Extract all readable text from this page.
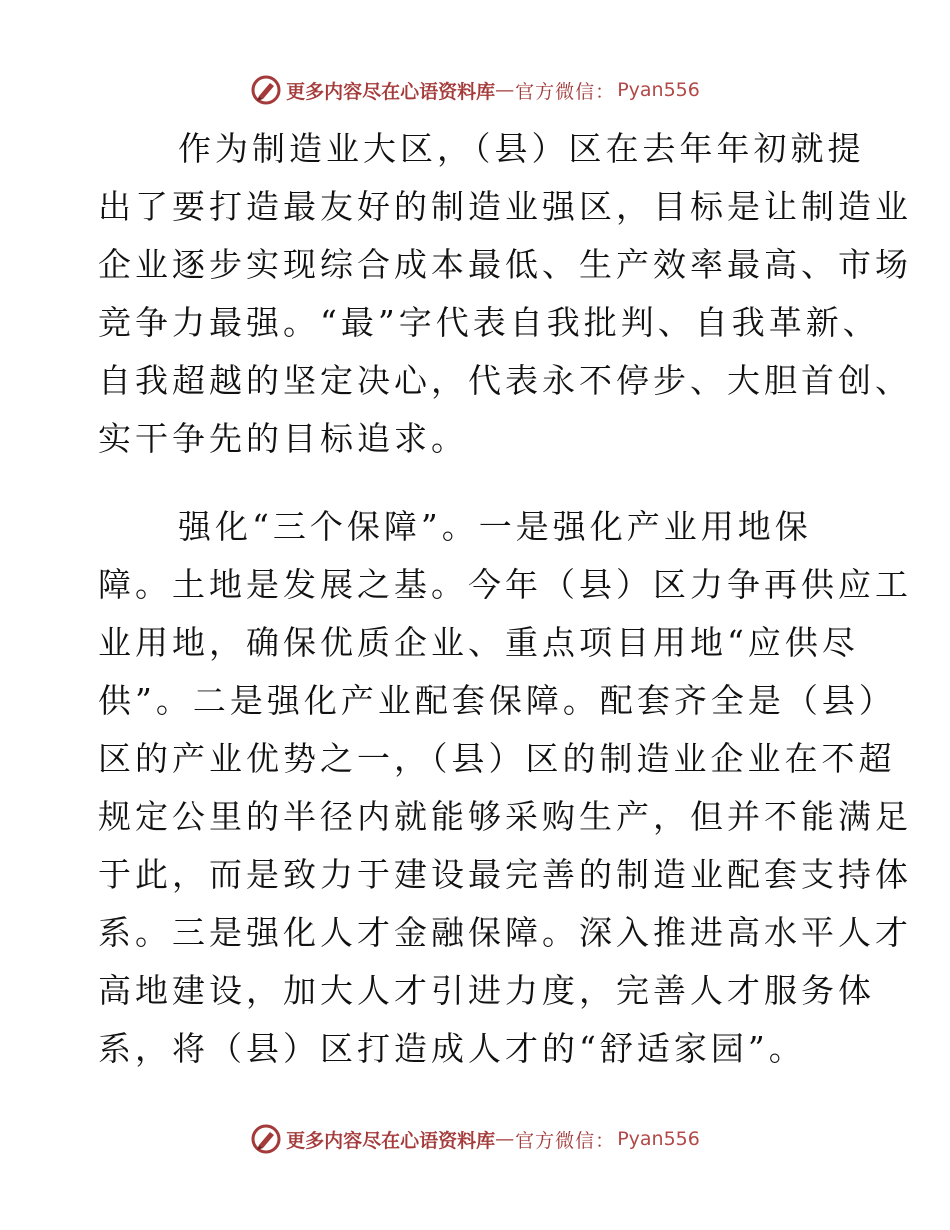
更多内容尽在心语资料库 — 官方微信： Pyan556

作为制造业大区，（县）区在去年年初就提
出了要打造最友好的制造业强区，目标是让制造业
企业逐步实现综合成本最低、生产效率最高、市场
竞争力最强。“最”字代表自我批判、自我革新、
自我超越的坚定决心，代表永不停步、大胆首创、
实干争先的目标追求。

强化“三个保障”。一是强化产业用地保
障。土地是发展之基。今年（县）区力争再供应工
业用地，确保优质企业、重点项目用地“应供尽
供”。二是强化产业配套保障。配套齐全是（县）
区的产业优势之一，（县）区的制造业企业在不超
规定公里的半径内就能够采购生产，但并不能满足
于此，而是致力于建设最完善的制造业配套支持体
系。三是强化人才金融保障。深入推进高水平人才
高地建设，加大人才引进力度，完善人才服务体
系，将（县）区打造成人才的“舒适家园”。

更多内容尽在心语资料库 — 官方微信： Pyan556
